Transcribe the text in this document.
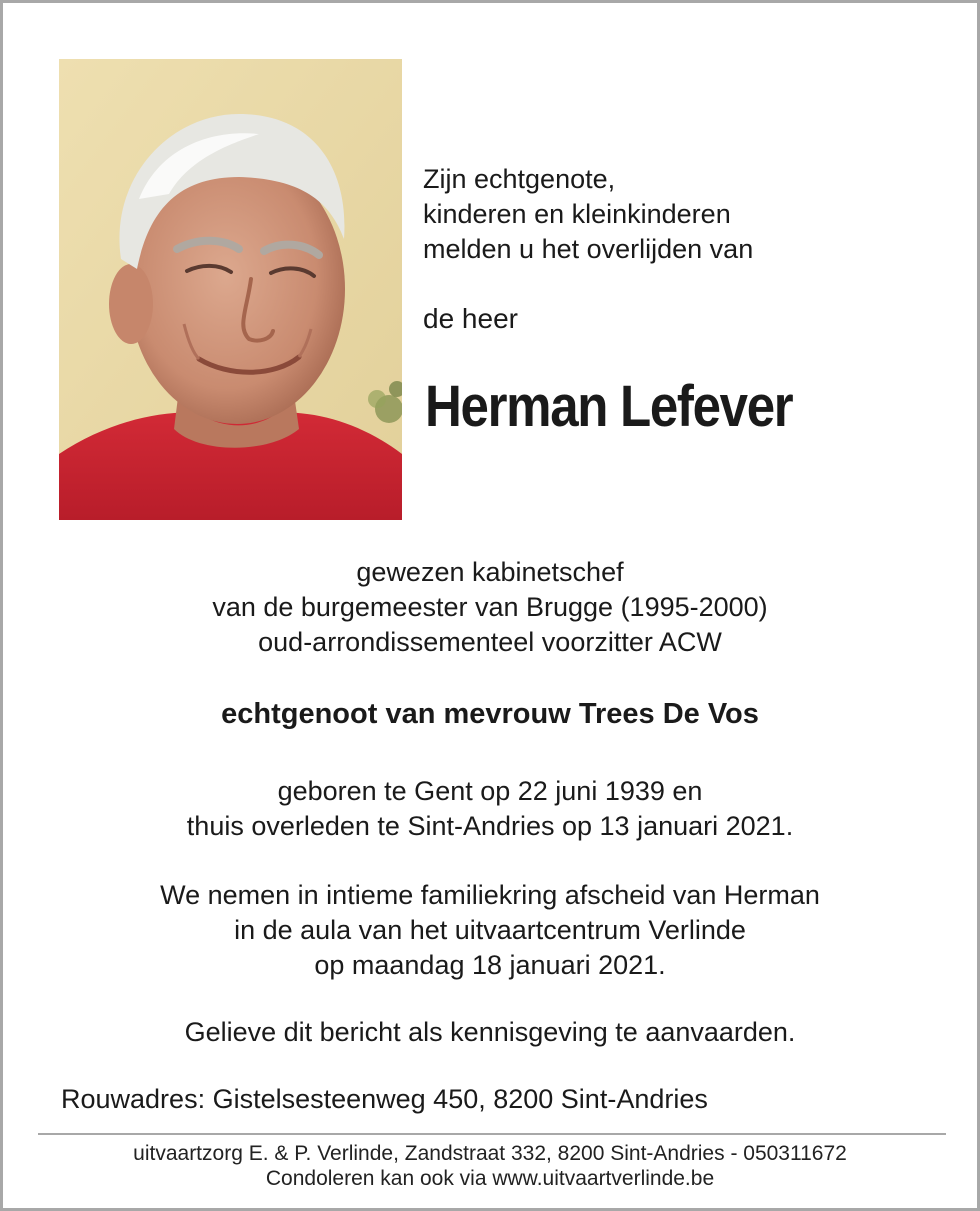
Zijn echtgenote,
kinderen en kleinkinderen
melden u het overlijden van
de heer
Herman Lefever
gewezen kabinetschef
van de burgemeester van Brugge (1995-2000)
oud-arrondissementeel voorzitter ACW
echtgenoot van mevrouw Trees De Vos
geboren te Gent op 22 juni 1939 en
thuis overleden te Sint-Andries op 13 januari 2021.
We nemen in intieme familiekring afscheid van Herman
in de aula van het uitvaartcentrum Verlinde
op maandag 18 januari 2021.
Gelieve dit bericht als kennisgeving te aanvaarden.
Rouwadres: Gistelsesteenweg 450, 8200 Sint-Andries
uitvaartzorg E. & P. Verlinde, Zandstraat 332, 8200 Sint-Andries - 050311672
Condoleren kan ook via www.uitvaartverlinde.be
